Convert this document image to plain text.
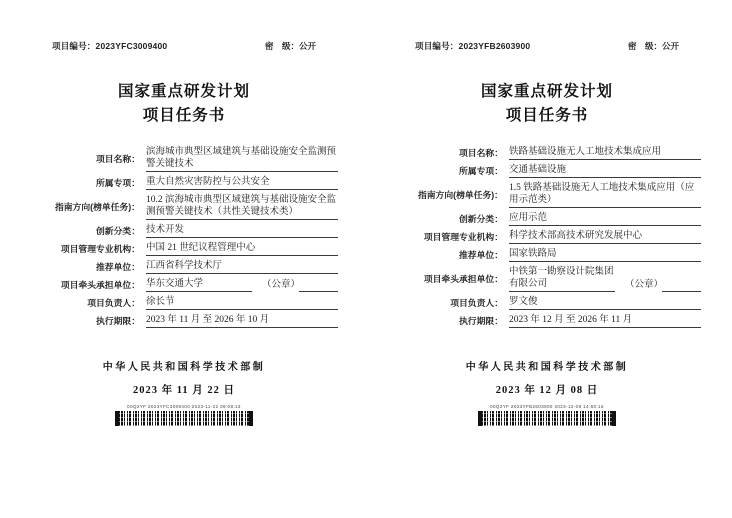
项目编号：2023YFC3009400	密　级：公开
国家重点研发计划
项目任务书
项目名称：
滨海城市典型区域建筑与基础设施安全监测预警关键技术
所属专项： 重大自然灾害防控与公共安全
指南方向(榜单任务)：
10.2 滨海城市典型区域建筑与基础设施安全监测预警关键技术（共性关键技术类）
创新分类： 技术开发
项目管理专业机构： 中国 21 世纪议程管理中心
推荐单位： 江西省科学技术厅
项目牵头承担单位： 华东交通大学	（公章）
项目负责人： 徐长节
执行期限： 2023 年 11 月 至 2026 年 10 月
中华人民共和国科学技术部制
2023 年 11 月 22 日
00Q2YF 2023YFC3009400 2023-11-22 09:08:13
项目编号：2023YFB2603900	密　级：公开
国家重点研发计划
项目任务书
项目名称： 铁路基础设施无人工地技术集成应用
所属专项： 交通基础设施
指南方向(榜单任务)：
1.5 铁路基础设施无人工地技术集成应用（应用示范类）
创新分类： 应用示范
项目管理专业机构： 科学技术部高技术研究发展中心
推荐单位： 国家铁路局
项目牵头承担单位：
中铁第一勘察设计院集团有限公司	（公章）
项目负责人： 罗文俊
执行期限： 2023 年 12 月 至 2026 年 11 月
中华人民共和国科学技术部制
2023 年 12 月 08 日
00Q2YF 2023YFB2603900 2023-12-08 14:50:16
